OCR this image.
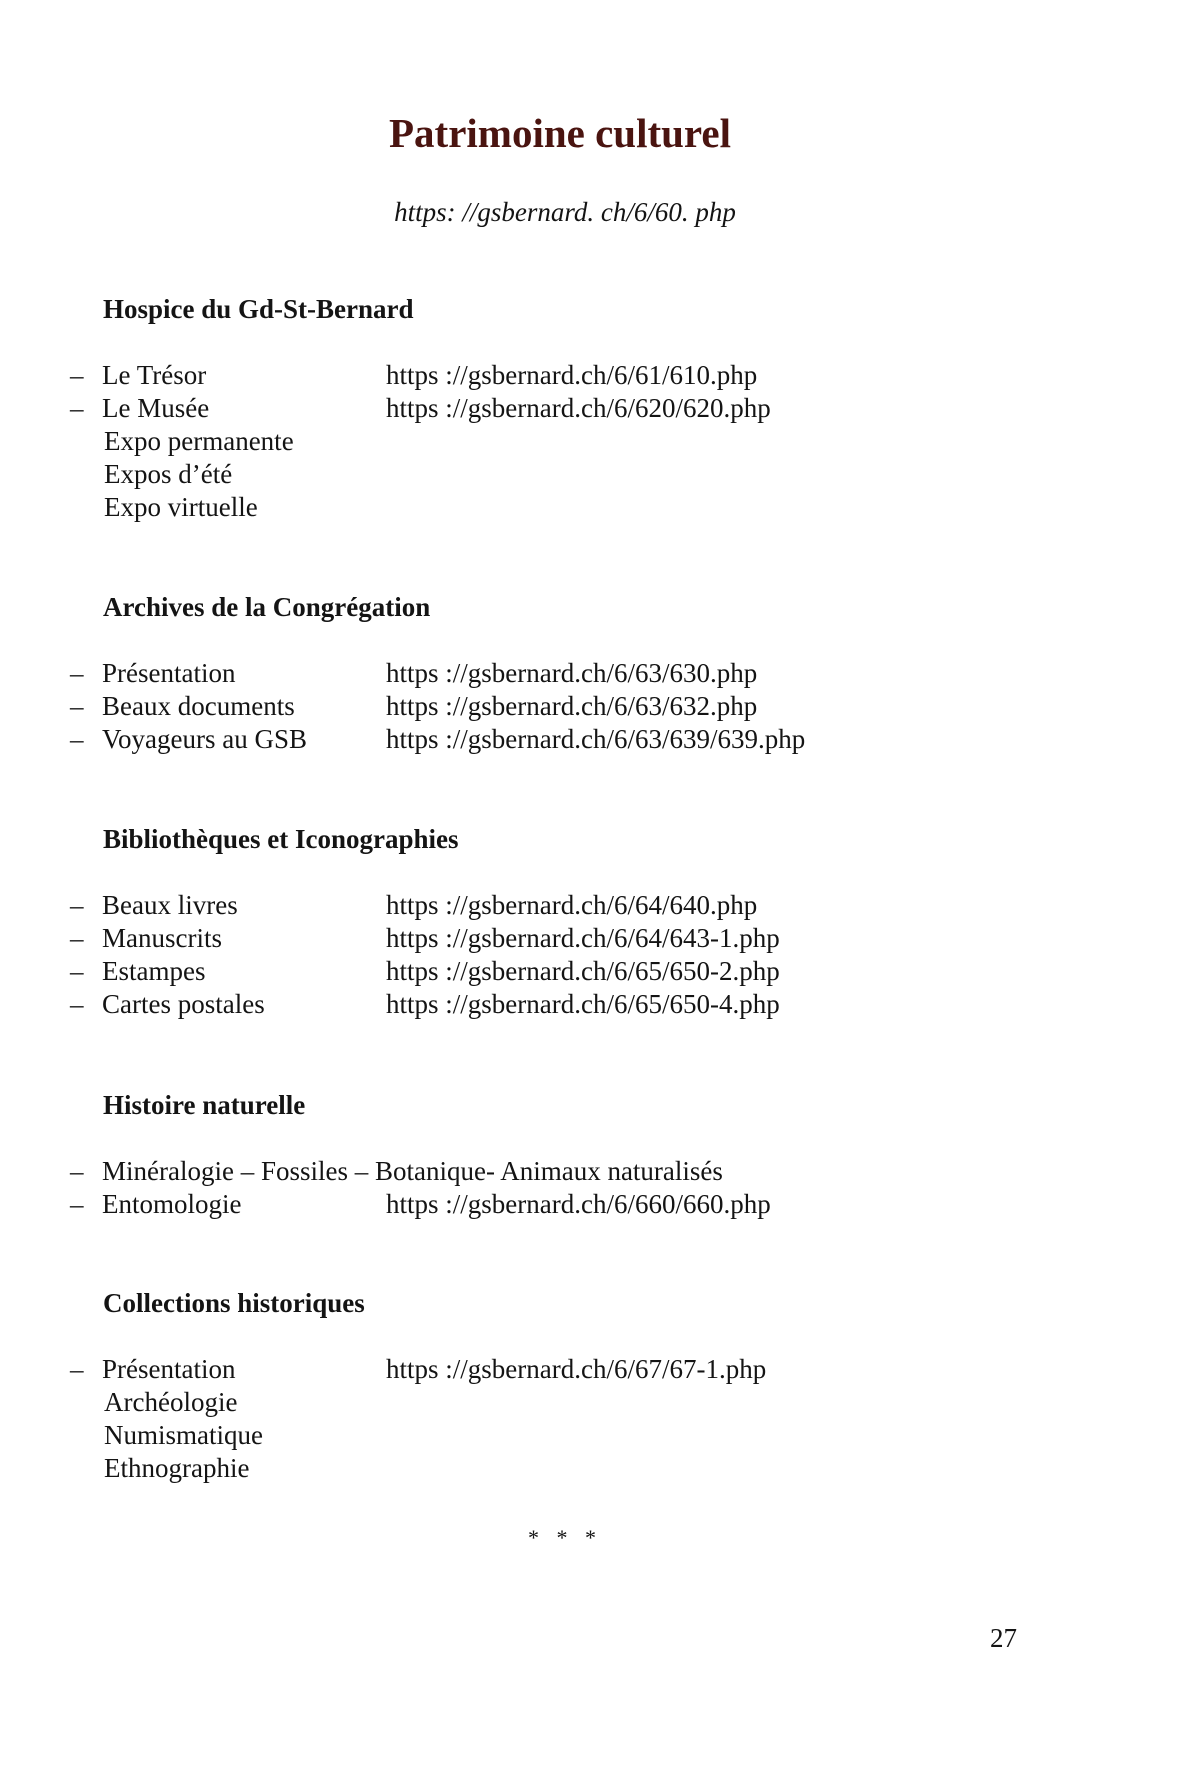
Patrimoine culturel
https: //gsbernard. ch/6/60. php
Hospice du Gd-St-Bernard
– Le Trésor	https ://gsbernard.ch/6/61/610.php
– Le Musée	https ://gsbernard.ch/6/620/620.php
Expo permanente
Expos d’été
Expo virtuelle
Archives de la Congrégation
– Présentation	https ://gsbernard.ch/6/63/630.php
– Beaux documents	https ://gsbernard.ch/6/63/632.php
– Voyageurs au GSB	https ://gsbernard.ch/6/63/639/639.php
Bibliothèques et Iconographies
– Beaux livres	https ://gsbernard.ch/6/64/640.php
– Manuscrits	https ://gsbernard.ch/6/64/643-1.php
– Estampes	https ://gsbernard.ch/6/65/650-2.php
– Cartes postales	https ://gsbernard.ch/6/65/650-4.php
Histoire naturelle
– Minéralogie – Fossiles – Botanique- Animaux naturalisés
– Entomologie	https ://gsbernard.ch/6/660/660.php
Collections historiques
– Présentation	https ://gsbernard.ch/6/67/67-1.php
Archéologie
Numismatique
Ethnographie
* * *
27
